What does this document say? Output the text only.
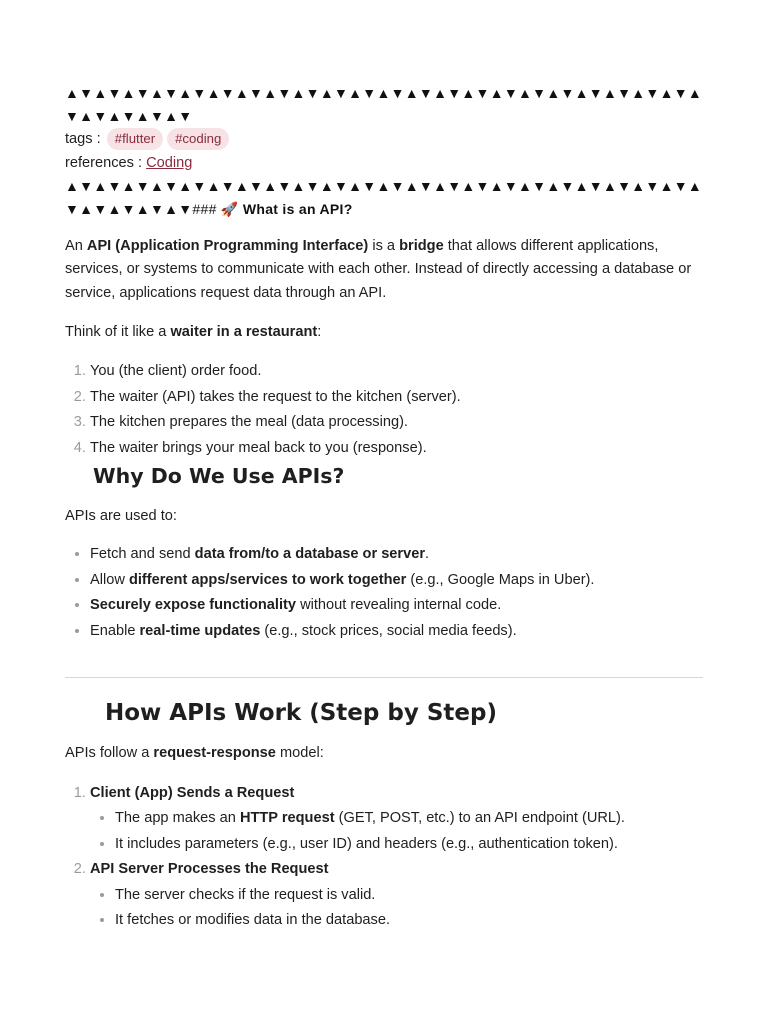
▲▼▲▼▲▼▲▼▲▼▲▼▲▼▲▼▲▼▲▼▲▼▲▼▲▼▲▼▲▼▲▼▲▼▲▼▲▼▲▼▲▼▲▼▲▼▲▼▲▼▲▼▲▼
tags : #flutter #coding
references : Coding
▲▼▲▼▲▼▲▼▲▼▲▼▲▼▲▼▲▼▲▼▲▼▲▼▲▼▲▼▲▼▲▼▲▼▲▼▲▼▲▼▲▼▲▼▲▼▲▼▲▼▲▼▲▼### 🚀 What is an API?

An API (Application Programming Interface) is a bridge that allows different applications, services, or systems to communicate with each other. Instead of directly accessing a database or service, applications request data through an API.

Think of it like a waiter in a restaurant:

1. You (the client) order food.
2. The waiter (API) takes the request to the kitchen (server).
3. The kitchen prepares the meal (data processing).
4. The waiter brings your meal back to you (response).
Why Do We Use APIs?

APIs are used to:

• Fetch and send data from/to a database or server.
• Allow different apps/services to work together (e.g., Google Maps in Uber).
• Securely expose functionality without revealing internal code.
• Enable real-time updates (e.g., stock prices, social media feeds).
How APIs Work (Step by Step)

APIs follow a request-response model:

1. Client (App) Sends a Request
• The app makes an HTTP request (GET, POST, etc.) to an API endpoint (URL).
• It includes parameters (e.g., user ID) and headers (e.g., authentication token).
2. API Server Processes the Request
• The server checks if the request is valid.
• It fetches or modifies data in the database.
